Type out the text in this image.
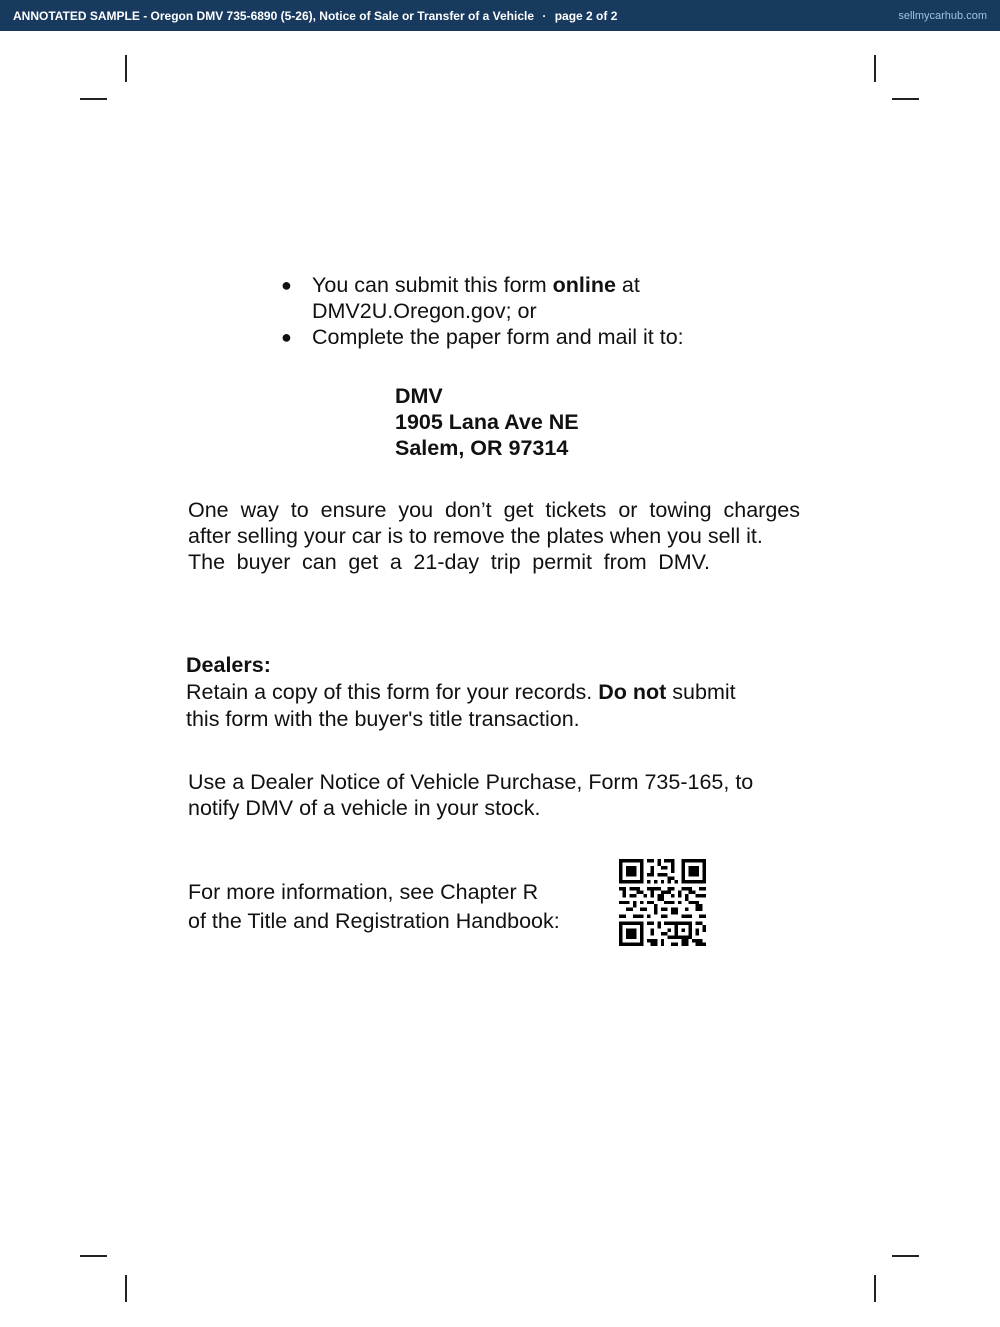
ANNOTATED SAMPLE - Oregon DMV 735-6890 (5-26), Notice of Sale or Transfer of a Vehicle · page 2 of 2	sellmycarhub.com
● You can submit this form online at
DMV2U.Oregon.gov; or
● Complete the paper form and mail it to:
DMV
1905 Lana Ave NE
Salem, OR 97314
One way to ensure you don’t get tickets or towing charges
after selling your car is to remove the plates when you sell it.
The buyer can get a 21-day trip permit from DMV.
Dealers:
Retain a copy of this form for your records. Do not submit
this form with the buyer's title transaction.
Use a Dealer Notice of Vehicle Purchase, Form 735-165, to
notify DMV of a vehicle in your stock.
For more information, see Chapter R
of the Title and Registration Handbook:
